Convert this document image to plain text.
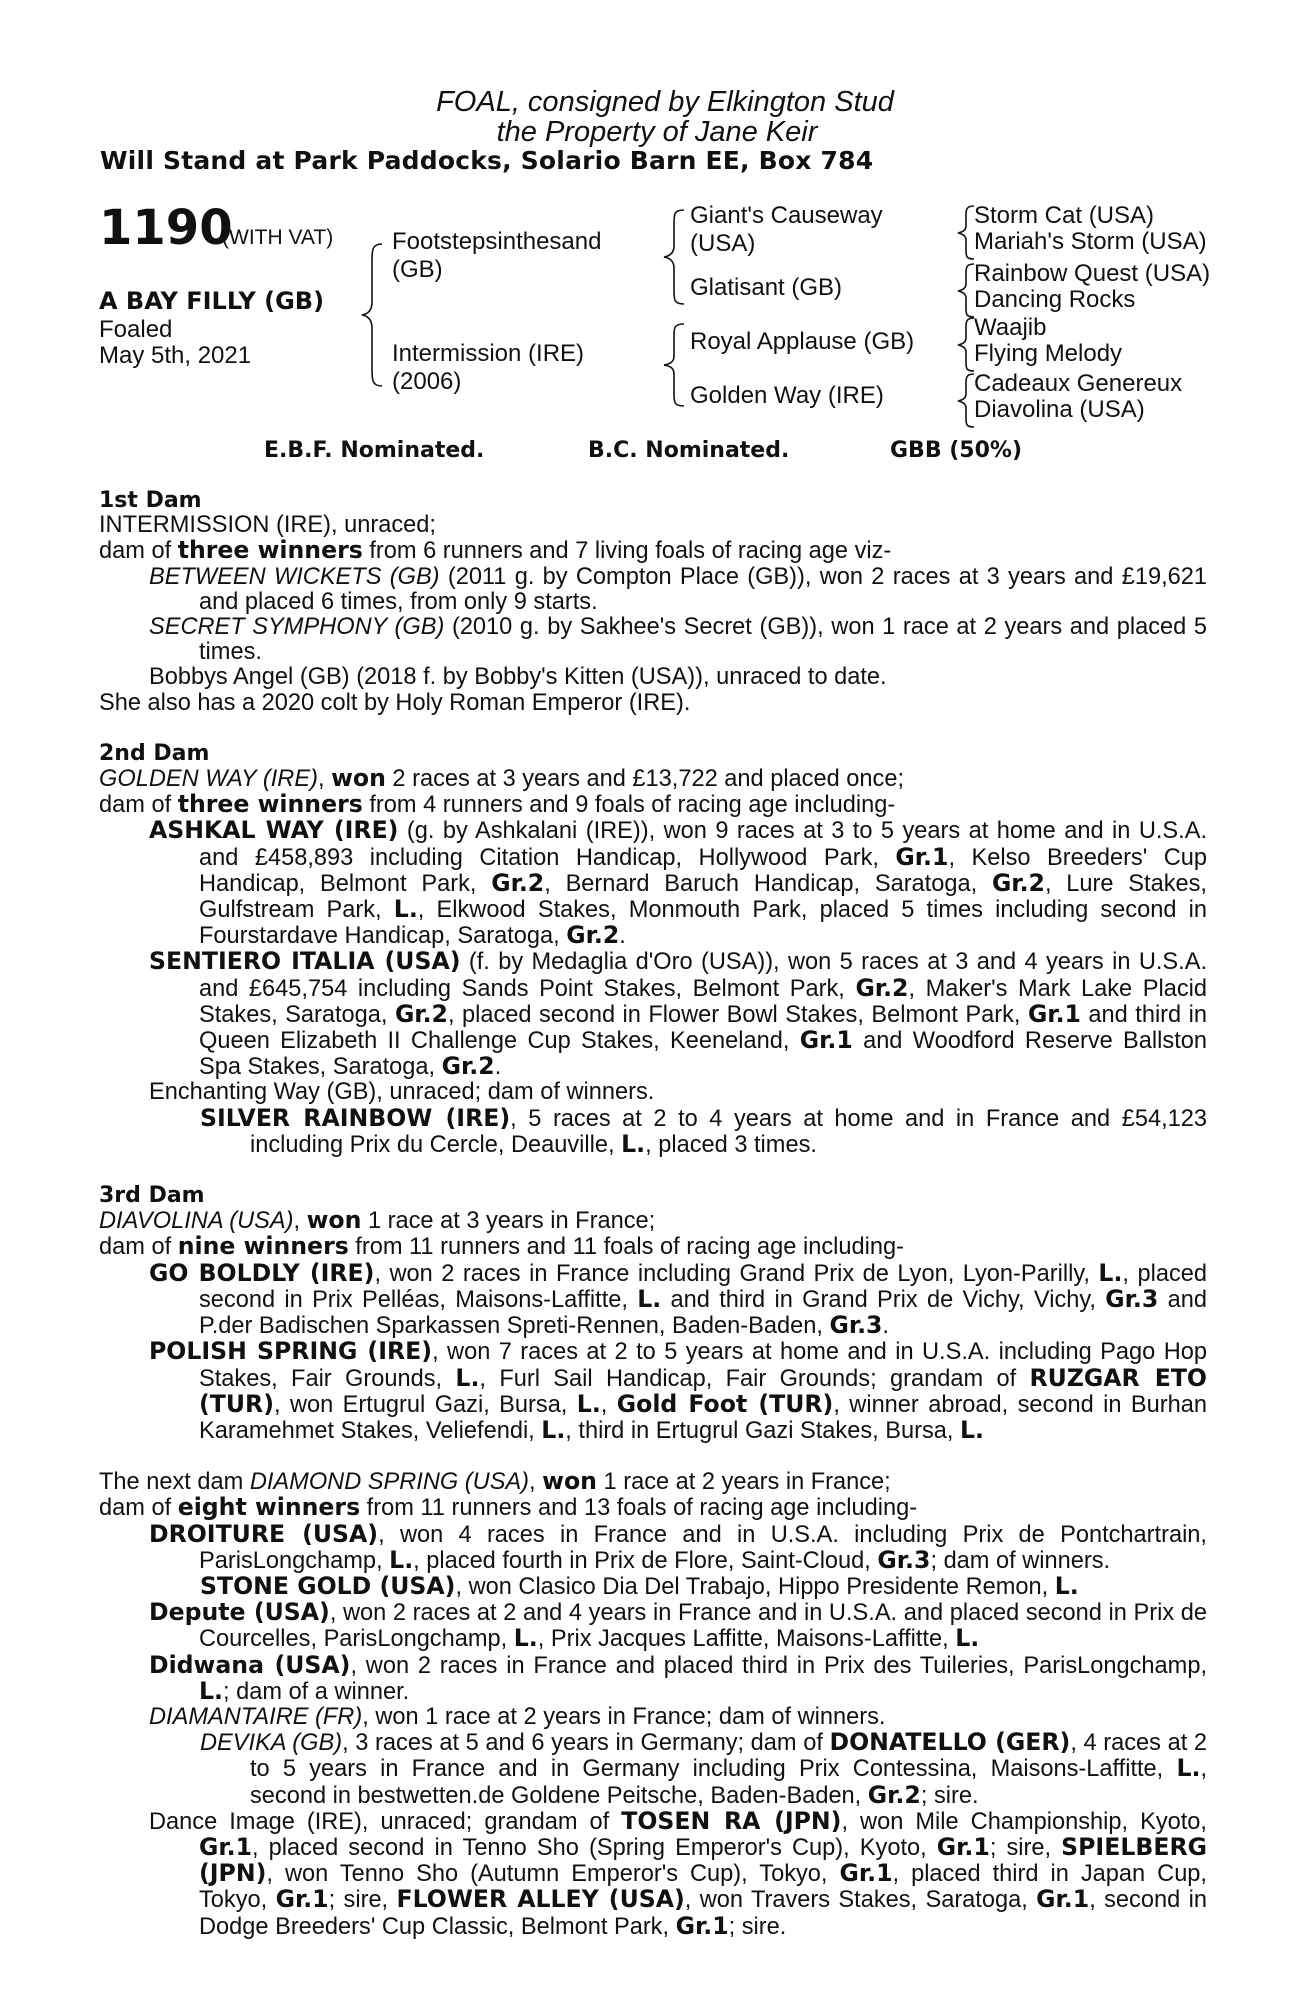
FOAL, consigned by Elkington Stud
the Property of Jane Keir
Will Stand at Park Paddocks, Solario Barn EE, Box 784
1190
(WITH VAT)
A BAY FILLY (GB)
Foaled
May 5th, 2021
Footstepsinthesand
(GB)
Intermission (IRE)
(2006)
Giant's Causeway
(USA)
Glatisant (GB)
Royal Applause (GB)
Golden Way (IRE)
Storm Cat (USA)
Mariah's Storm (USA)
Rainbow Quest (USA)
Dancing Rocks
Waajib
Flying Melody
Cadeaux Genereux
Diavolina (USA)
E.B.F. Nominated.	B.C. Nominated.	GBB (50%)
1st Dam
INTERMISSION (IRE), unraced;
dam of three winners from 6 runners and 7 living foals of racing age viz-
BETWEEN WICKETS (GB) (2011 g. by Compton Place (GB)), won 2 races at 3 years and £19,621 and placed 6 times, from only 9 starts.
SECRET SYMPHONY (GB) (2010 g. by Sakhee's Secret (GB)), won 1 race at 2 years and placed 5 times.
Bobbys Angel (GB) (2018 f. by Bobby's Kitten (USA)), unraced to date.
She also has a 2020 colt by Holy Roman Emperor (IRE).
2nd Dam
GOLDEN WAY (IRE), won 2 races at 3 years and £13,722 and placed once;
dam of three winners from 4 runners and 9 foals of racing age including-
ASHKAL WAY (IRE) (g. by Ashkalani (IRE)), won 9 races at 3 to 5 years at home and in U.S.A. and £458,893 including Citation Handicap, Hollywood Park, Gr.1, Kelso Breeders' Cup Handicap, Belmont Park, Gr.2, Bernard Baruch Handicap, Saratoga, Gr.2, Lure Stakes, Gulfstream Park, L., Elkwood Stakes, Monmouth Park, placed 5 times including second in Fourstardave Handicap, Saratoga, Gr.2.
SENTIERO ITALIA (USA) (f. by Medaglia d'Oro (USA)), won 5 races at 3 and 4 years in U.S.A. and £645,754 including Sands Point Stakes, Belmont Park, Gr.2, Maker's Mark Lake Placid Stakes, Saratoga, Gr.2, placed second in Flower Bowl Stakes, Belmont Park, Gr.1 and third in Queen Elizabeth II Challenge Cup Stakes, Keeneland, Gr.1 and Woodford Reserve Ballston Spa Stakes, Saratoga, Gr.2.
Enchanting Way (GB), unraced; dam of winners.
SILVER RAINBOW (IRE), 5 races at 2 to 4 years at home and in France and £54,123 including Prix du Cercle, Deauville, L., placed 3 times.
3rd Dam
DIAVOLINA (USA), won 1 race at 3 years in France;
dam of nine winners from 11 runners and 11 foals of racing age including-
GO BOLDLY (IRE), won 2 races in France including Grand Prix de Lyon, Lyon-Parilly, L., placed second in Prix Pelléas, Maisons-Laffitte, L. and third in Grand Prix de Vichy, Vichy, Gr.3 and P.der Badischen Sparkassen Spreti-Rennen, Baden-Baden, Gr.3.
POLISH SPRING (IRE), won 7 races at 2 to 5 years at home and in U.S.A. including Pago Hop Stakes, Fair Grounds, L., Furl Sail Handicap, Fair Grounds; grandam of RUZGAR ETO (TUR), won Ertugrul Gazi, Bursa, L., Gold Foot (TUR), winner abroad, second in Burhan Karamehmet Stakes, Veliefendi, L., third in Ertugrul Gazi Stakes, Bursa, L.
The next dam DIAMOND SPRING (USA), won 1 race at 2 years in France;
dam of eight winners from 11 runners and 13 foals of racing age including-
DROITURE (USA), won 4 races in France and in U.S.A. including Prix de Pontchartrain, ParisLongchamp, L., placed fourth in Prix de Flore, Saint-Cloud, Gr.3; dam of winners.
STONE GOLD (USA), won Clasico Dia Del Trabajo, Hippo Presidente Remon, L.
Depute (USA), won 2 races at 2 and 4 years in France and in U.S.A. and placed second in Prix de Courcelles, ParisLongchamp, L., Prix Jacques Laffitte, Maisons-Laffitte, L.
Didwana (USA), won 2 races in France and placed third in Prix des Tuileries, ParisLongchamp, L.; dam of a winner.
DIAMANTAIRE (FR), won 1 race at 2 years in France; dam of winners.
DEVIKA (GB), 3 races at 5 and 6 years in Germany; dam of DONATELLO (GER), 4 races at 2 to 5 years in France and in Germany including Prix Contessina, Maisons-Laffitte, L., second in bestwetten.de Goldene Peitsche, Baden-Baden, Gr.2; sire.
Dance Image (IRE), unraced; grandam of TOSEN RA (JPN), won Mile Championship, Kyoto, Gr.1, placed second in Tenno Sho (Spring Emperor's Cup), Kyoto, Gr.1; sire, SPIELBERG (JPN), won Tenno Sho (Autumn Emperor's Cup), Tokyo, Gr.1, placed third in Japan Cup, Tokyo, Gr.1; sire, FLOWER ALLEY (USA), won Travers Stakes, Saratoga, Gr.1, second in Dodge Breeders' Cup Classic, Belmont Park, Gr.1; sire.
